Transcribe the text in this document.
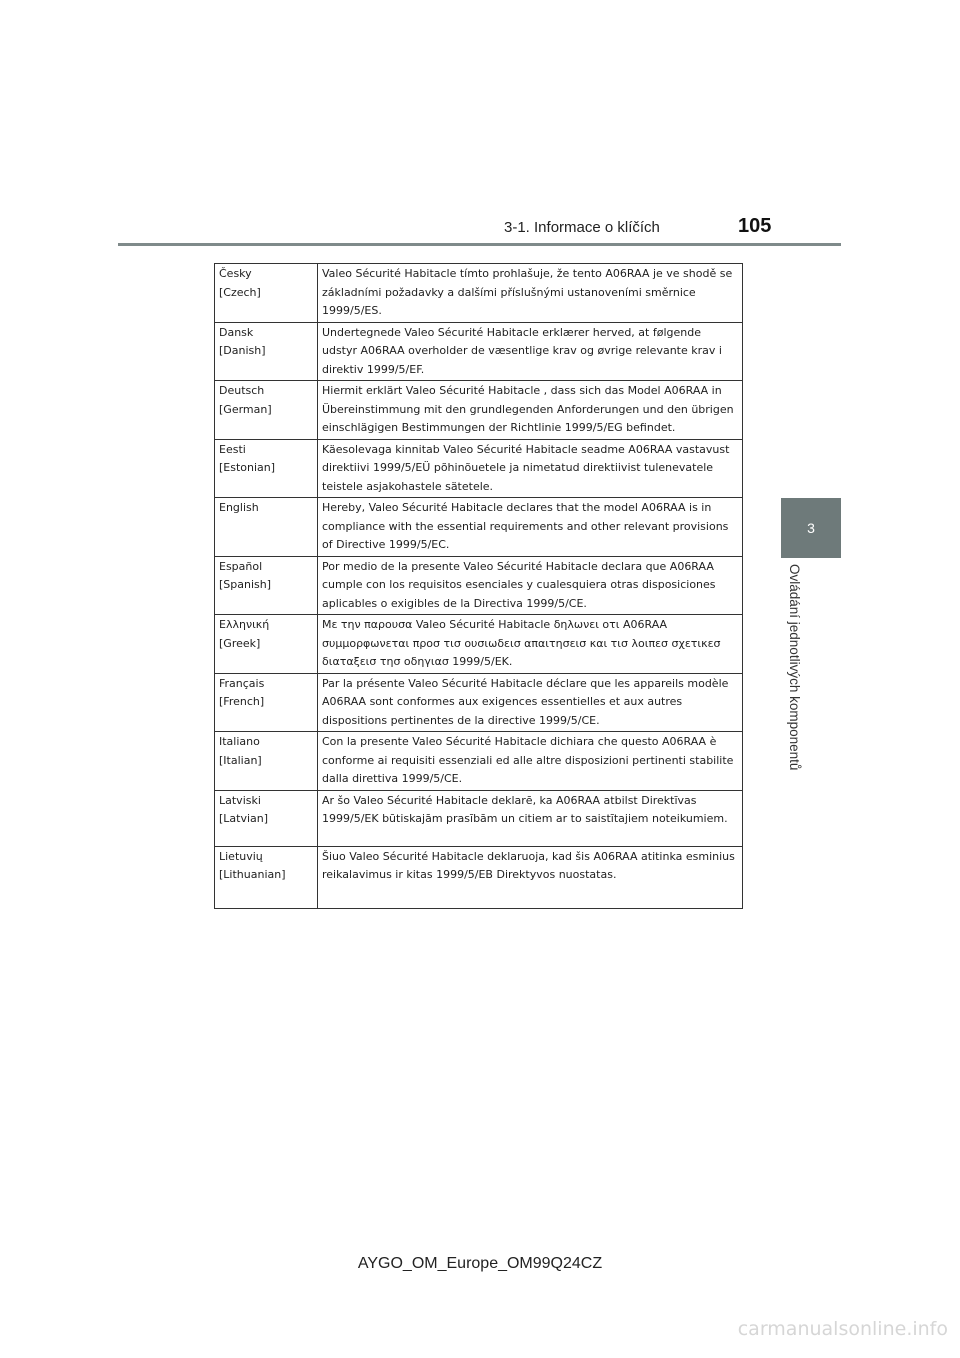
3-1. Informace o klíčích	105
3
Ovládání jednotlivých komponentů
Česky
[Czech]	Valeo Sécurité Habitacle tímto prohlašuje, že tento A06RAA je ve shodě se základními požadavky a dalšími příslušnými ustanoveními směrnice 1999/5/ES.

Dansk
[Danish]	Undertegnede Valeo Sécurité Habitacle erklærer herved, at følgende udstyr A06RAA overholder de væsentlige krav og øvrige relevante krav i direktiv 1999/5/EF.

Deutsch
[German]	Hiermit erklärt Valeo Sécurité Habitacle , dass sich das Model A06RAA in Übereinstimmung mit den grundlegenden Anforderungen und den übrigen einschlägigen Bestimmungen der Richtlinie 1999/5/EG befindet.

Eesti
[Estonian]	Käesolevaga kinnitab Valeo Sécurité Habitacle seadme A06RAA vastavust direktiivi 1999/5/EÜ põhinõuetele ja nimetatud direktiivist tulenevatele teistele asjakohastele sätetele.

English	Hereby, Valeo Sécurité Habitacle declares that the model A06RAA is in compliance with the essential requirements and other relevant provisions of Directive 1999/5/EC.

Español
[Spanish]	Por medio de la presente Valeo Sécurité Habitacle declara que A06RAA cumple con los requisitos esenciales y cualesquiera otras disposiciones aplicables o exigibles de la Directiva 1999/5/CE.

Ελληνική
[Greek]	Με την παρουσα Valeo Sécurité Habitacle δηλωνει οτι A06RAA συμμορφωνεται προσ τισ ουσιωδεισ απαιτησεισ και τισ λοιπεσ σχετικεσ διαταξεισ τησ οδηγιασ 1999/5/ΕΚ.

Français
[French]	Par la présente Valeo Sécurité Habitacle déclare que les appareils modèle A06RAA sont conformes aux exigences essentielles et aux autres dispositions pertinentes de la directive 1999/5/CE.

Italiano
[Italian]	Con la presente Valeo Sécurité Habitacle dichiara che questo A06RAA è conforme ai requisiti essenziali ed alle altre disposizioni pertinenti stabilite dalla direttiva 1999/5/CE.

Latviski
[Latvian]	Ar šo Valeo Sécurité Habitacle deklarē, ka A06RAA atbilst Direktīvas 1999/5/EK būtiskajām prasībām un citiem ar to saistītajiem noteikumiem.

Lietuvių
[Lithuanian]	Šiuo Valeo Sécurité Habitacle deklaruoja, kad šis A06RAA atitinka esminius reikalavimus ir kitas 1999/5/EB Direktyvos nuostatas.
AYGO_OM_Europe_OM99Q24CZ
carmanualsonline.info
